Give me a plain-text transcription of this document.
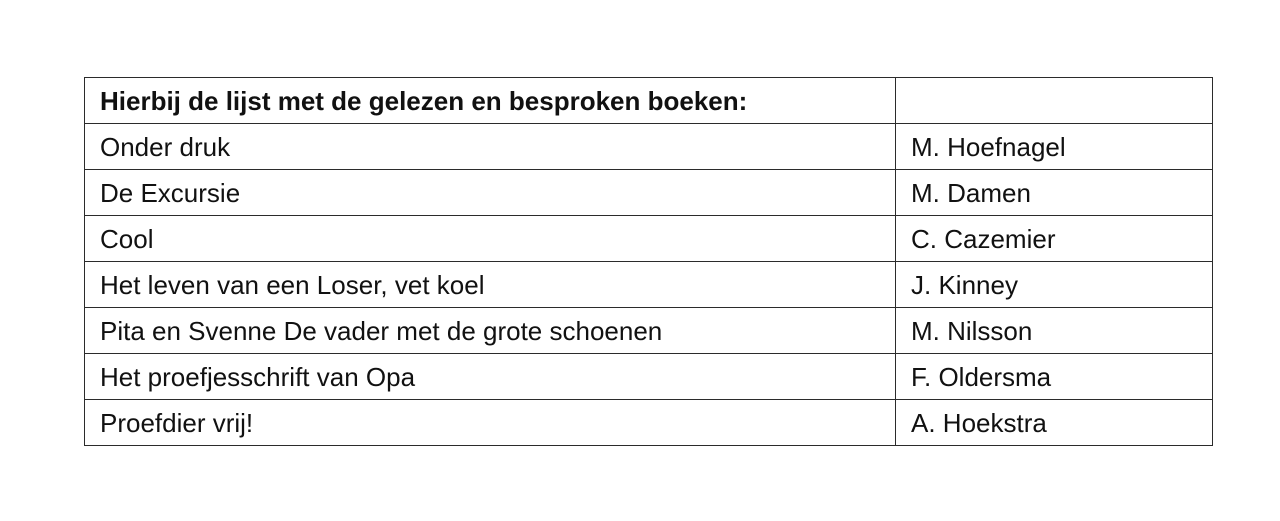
Hierbij de lijst met de gelezen en besproken boeken:	
Onder druk	M. Hoefnagel
De Excursie	M. Damen
Cool	C. Cazemier
Het leven van een Loser, vet koel	J. Kinney
Pita en Svenne De vader met de grote schoenen	M. Nilsson
Het proefjesschrift van Opa	F. Oldersma
Proefdier vrij!	A. Hoekstra
